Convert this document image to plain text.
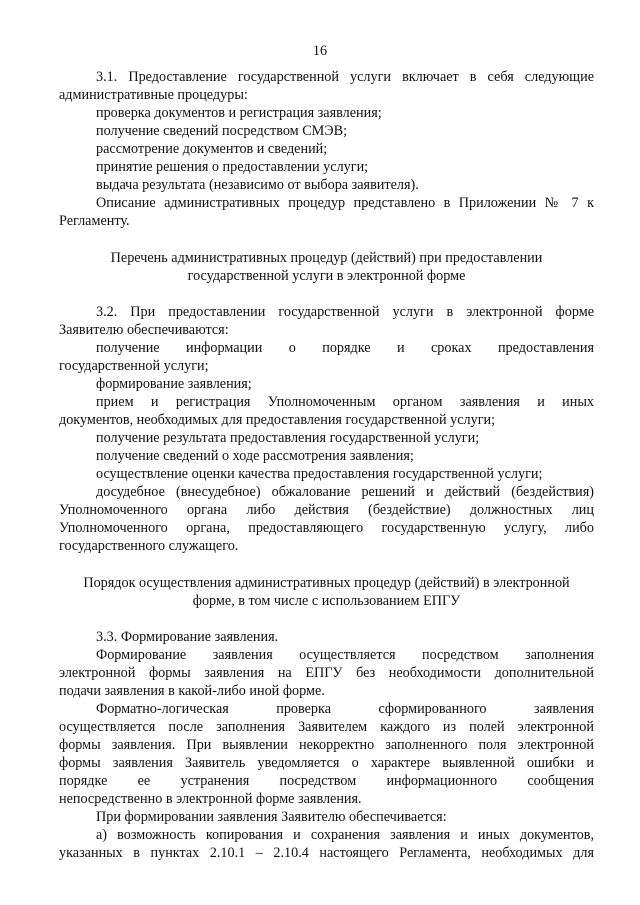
16

3.1. Предоставление государственной услуги включает в себя следующие

административные процедуры:

проверка документов и регистрация заявления;

получение сведений посредством СМЭВ;

рассмотрение документов и сведений;

принятие решения о предоставлении услуги;

выдача результата (независимо от выбора заявителя).

Описание административных процедур представлено в Приложении № 7 к

Регламенту.

Перечень административных процедур (действий) при предоставлении

государственной услуги в электронной форме

3.2. При предоставлении государственной услуги в электронной форме

Заявителю обеспечиваются:

получение информации о порядке и сроках предоставления

государственной услуги;

формирование заявления;

прием и регистрация Уполномоченным органом заявления и иных

документов, необходимых для предоставления государственной услуги;

получение результата предоставления государственной услуги;

получение сведений о ходе рассмотрения заявления;

осуществление оценки качества предоставления государственной услуги;

досудебное (внесудебное) обжалование решений и действий (бездействия)

Уполномоченного органа либо действия (бездействие) должностных лиц

Уполномоченного органа, предоставляющего государственную услугу, либо

государственного служащего.

Порядок осуществления административных процедур (действий) в электронной

форме, в том числе с использованием ЕПГУ

3.3. Формирование заявления.

Формирование заявления осуществляется посредством заполнения

электронной формы заявления на ЕПГУ без необходимости дополнительной

подачи заявления в какой-либо иной форме.

Форматно-логическая проверка сформированного заявления

осуществляется после заполнения Заявителем каждого из полей электронной

формы заявления. При выявлении некорректно заполненного поля электронной

формы заявления Заявитель уведомляется о характере выявленной ошибки и

порядке ее устранения посредством информационного сообщения

непосредственно в электронной форме заявления.

При формировании заявления Заявителю обеспечивается:

а) возможность копирования и сохранения заявления и иных документов,

указанных в пунктах 2.10.1 – 2.10.4 настоящего Регламента, необходимых для
